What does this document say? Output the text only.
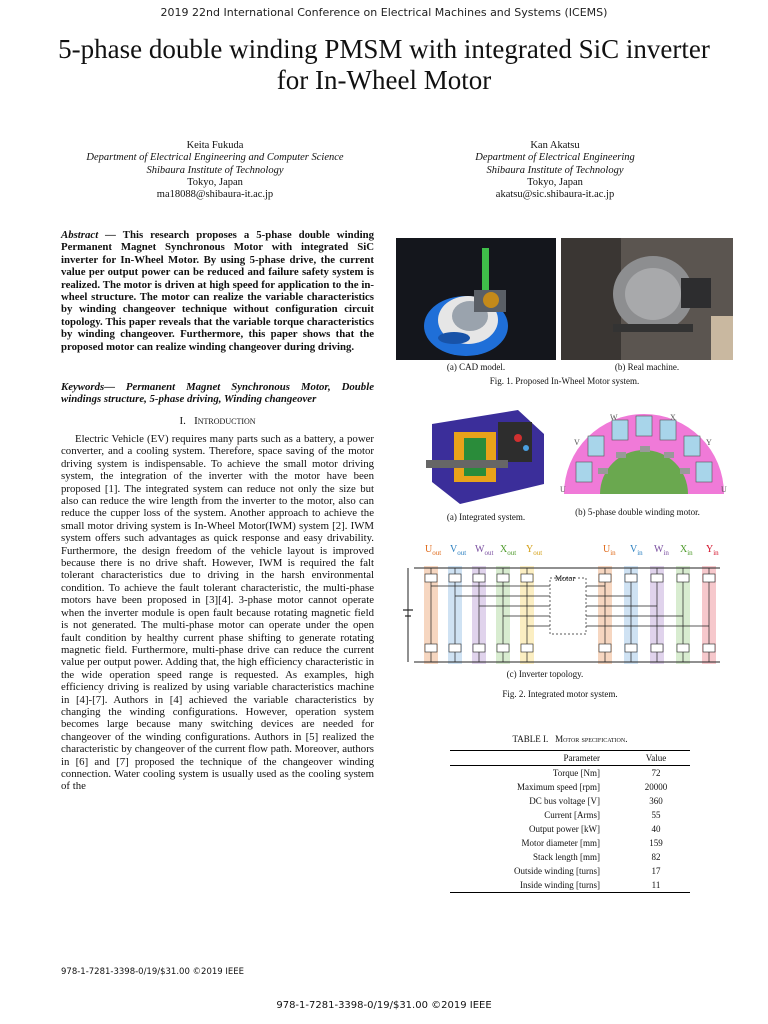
2019 22nd International Conference on Electrical Machines and Systems (ICEMS)
5-phase double winding PMSM with integrated SiC inverter for In-Wheel Motor
Keita Fukuda
Department of Electrical Engineering and Computer Science
Shibaura Institute of Technology
Tokyo, Japan
ma18088@shibaura-it.ac.jp
Kan Akatsu
Department of Electrical Engineering
Shibaura Institute of Technology
Tokyo, Japan
akatsu@sic.shibaura-it.ac.jp
Abstract — This research proposes a 5-phase double winding Permanent Magnet Synchronous Motor with integrated SiC inverter for In-Wheel Motor. By using 5-phase drive, the current value per output power can be reduced and failure safety system is realized. The motor is driven at high speed for application to the in-wheel structure. The motor can realize the variable characteristics by winding changeover technique without configuration circuit topology. This paper reveals that the variable torque characteristics by winding changeover. Furthermore, this paper shows that the proposed motor can realize winding changeover during driving.
Keywords— Permanent Magnet Synchronous Motor, Double windings structure, 5-phase driving, Winding changeover
I. Introduction
Electric Vehicle (EV) requires many parts such as a battery, a power converter, and a cooling system. Therefore, space saving of the motor driving system is indispensable. To achieve the small motor driving system, the integration of the inverter with the motor have been proposed [1]. The integrated system can reduce not only the size but also can reduce the wire length from the inverter to the motor, also can reduce the cupper loss of the system. Another approach to achieve the small motor driving system is In-Wheel Motor(IWM) system [2]. IWM system offers such advantages as quick response and easy drivability. Furthermore, the design freedom of the vehicle layout is improved because there is no drive shaft. However, IWM is required the falt tolerant characteristics due to driving in the harsh environmental condition. To achieve the fault tolerant characteristic, the multi-phase motors have been proposed in [3][4]. 3-phase motor cannot operate when the inverter module is open fault because rotating magnetic field is not generated. The multi-phase motor can operate under the open fault condition by healthy current phase shifting to generate rotating magnetic field. Furthermore, multi-phase drive can reduce the current value per output power. Adding that, the high efficiency characteristic in the wide operation speed range is requested. As examples, high efficiency driving is realized by using variable characteristics machine in [4]-[7]. Authors in [4] achieved the variable characteristics by changing the winding configurations. However, operation system becomes large because many switching devices are needed for changeover of the winding configurations. Authors in [5] realized the characteristic by changeover of the current flow path. Moreover, authors in [6] and [7] proposed the technique of the changeover winding connection. Water cooling system is usually used as the cooling system of the
(a) CAD model.	(b) Real machine.
Fig. 1. Proposed In-Wheel Motor system.
(a) Integrated system.
U
V
W	X
Y
U
(b) 5-phase double winding motor.
$U_{out}$ $V_{out}$ $W_{out}$ $X_{out}$ $Y_{out}$	$U_{in}$ $V_{in}$ $W_{in}$ $X_{in}$ $Y_{in}$
Motor
(c) Inverter topology.
Fig. 2. Integrated motor system.
TABLE I. Motor specification.
Parameter	Value
Torque [Nm]	72
Maximum speed [rpm]	20000
DC bus voltage [V]	360
Current [Arms]	55
Output power [kW]	40
Motor diameter [mm]	159
Stack length [mm]	82
Outside winding [turns]	17
Inside winding [turns]	11
978-1-7281-3398-0/19/$31.00 ©2019 IEEE
978-1-7281-3398-0/19/$31.00 ©2019 IEEE
